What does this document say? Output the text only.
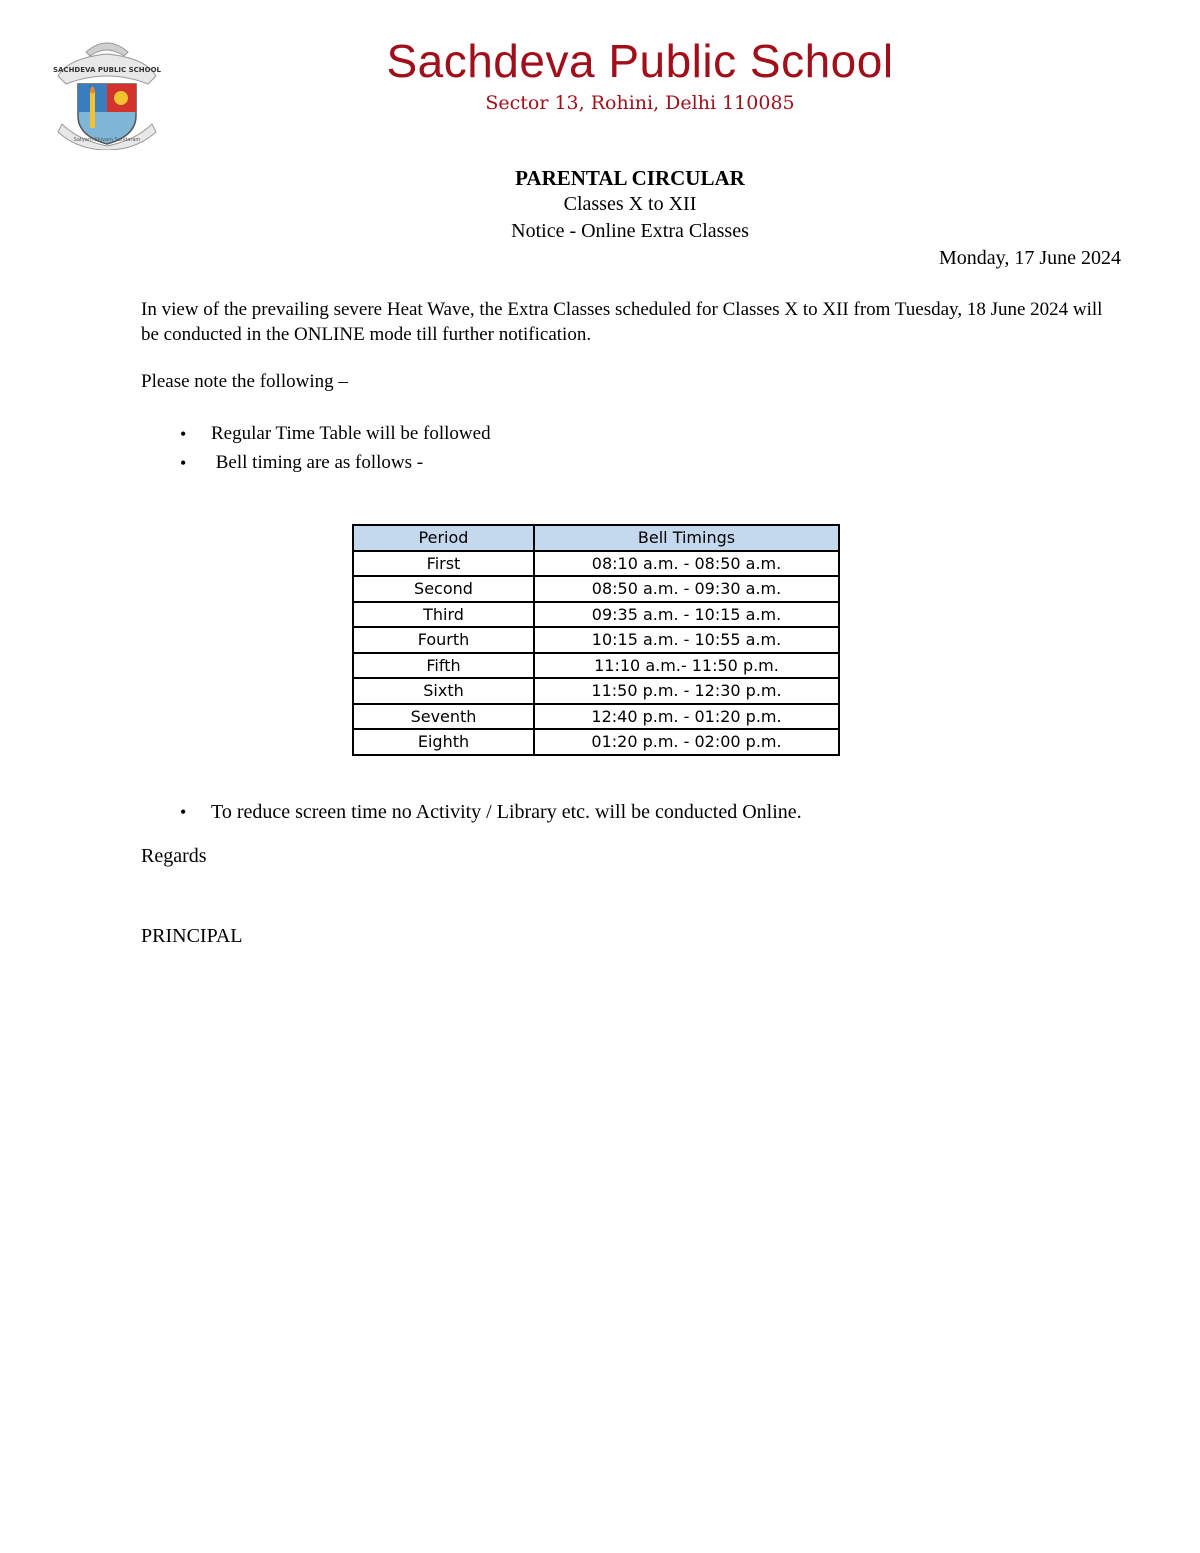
SACHDEVA PUBLIC SCHOOL
Satyam Shivam Sundaram
Sachdeva Public School
Sector 13, Rohini, Delhi 110085
PARENTAL CIRCULAR
Classes X to XII
Notice - Online Extra Classes
Monday, 17 June 2024
In view of the prevailing severe Heat Wave, the Extra Classes scheduled for Classes X to XII from Tuesday, 18 June 2024 will be conducted in the ONLINE mode till further notification.
Please note the following –
• Regular Time Table will be followed
•  Bell timing are as follows -
Period	Bell Timings
First	08:10 a.m. - 08:50 a.m.
Second	08:50 a.m. - 09:30 a.m.
Third	09:35 a.m. - 10:15 a.m.
Fourth	10:15 a.m. - 10:55 a.m.
Fifth	11:10 a.m.- 11:50 p.m.
Sixth	11:50 p.m. - 12:30 p.m.
Seventh	12:40 p.m. - 01:20 p.m.
Eighth	01:20 p.m. - 02:00 p.m.
• To reduce screen time no Activity / Library etc. will be conducted Online.
Regards
PRINCIPAL
